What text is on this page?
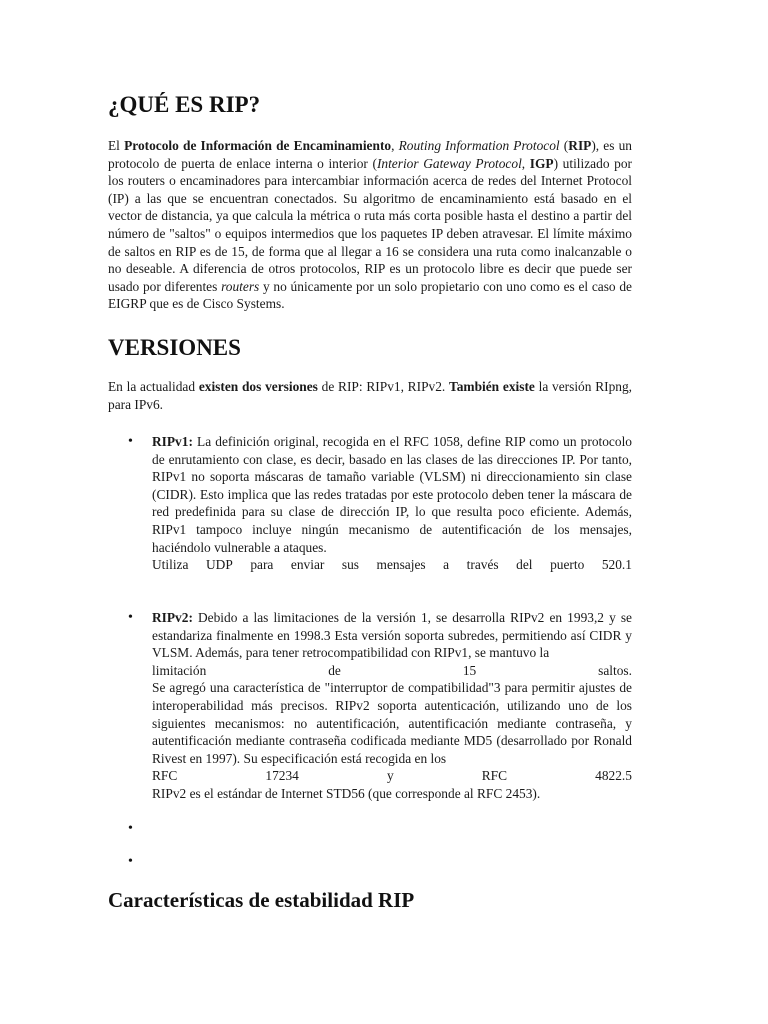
¿QUÉ ES RIP?

El Protocolo de Información de Encaminamiento, Routing Information Protocol (RIP), es un protocolo de puerta de enlace interna o interior (Interior Gateway Protocol, IGP) utilizado por los routers o encaminadores para intercambiar información acerca de redes del Internet Protocol (IP) a las que se encuentran conectados. Su algoritmo de encaminamiento está basado en el vector de distancia, ya que calcula la métrica o ruta más corta posible hasta el destino a partir del número de "saltos" o equipos intermedios que los paquetes IP deben atravesar. El límite máximo de saltos en RIP es de 15, de forma que al llegar a 16 se considera una ruta como inalcanzable o no deseable. A diferencia de otros protocolos, RIP es un protocolo libre es decir que puede ser usado por diferentes routers y no únicamente por un solo propietario con uno como es el caso de EIGRP que es de Cisco Systems.

VERSIONES

En la actualidad existen dos versiones de RIP: RIPv1, RIPv2. También existe la versión RIpng, para IPv6.

•
RIPv1: La definición original, recogida en el RFC 1058, define RIP como un protocolo de enrutamiento con clase, es decir, basado en las clases de las direcciones IP. Por tanto, RIPv1 no soporta máscaras de tamaño variable (VLSM) ni direccionamiento sin clase (CIDR). Esto implica que las redes tratadas por este protocolo deben tener la máscara de red predefinida para su clase de dirección IP, lo que resulta poco eficiente. Además, RIPv1 tampoco incluye ningún mecanismo de autentificación de los mensajes, haciéndolo vulnerable a ataques.
Utiliza UDP para enviar sus mensajes a través del puerto 520.1
•
RIPv2: Debido a las limitaciones de la versión 1, se desarrolla RIPv2 en 1993,2 y se estandariza finalmente en 1998.3 Esta versión soporta subredes, permitiendo así CIDR y VLSM. Además, para tener retrocompatibilidad con RIPv1, se mantuvo la
limitación	de	15	saltos.
Se agregó una característica de "interruptor de compatibilidad"3 para permitir ajustes de interoperabilidad más precisos. RIPv2 soporta autenticación, utilizando uno de los siguientes mecanismos: no autentificación, autentificación mediante contraseña, y autentificación mediante contraseña codificada mediante MD5 (desarrollado por Ronald Rivest en 1997). Su especificación está recogida en los
RFC	17234	y	RFC	4822.5
RIPv2 es el estándar de Internet STD56 (que corresponde al RFC 2453).
•
•
Características de estabilidad RIP
